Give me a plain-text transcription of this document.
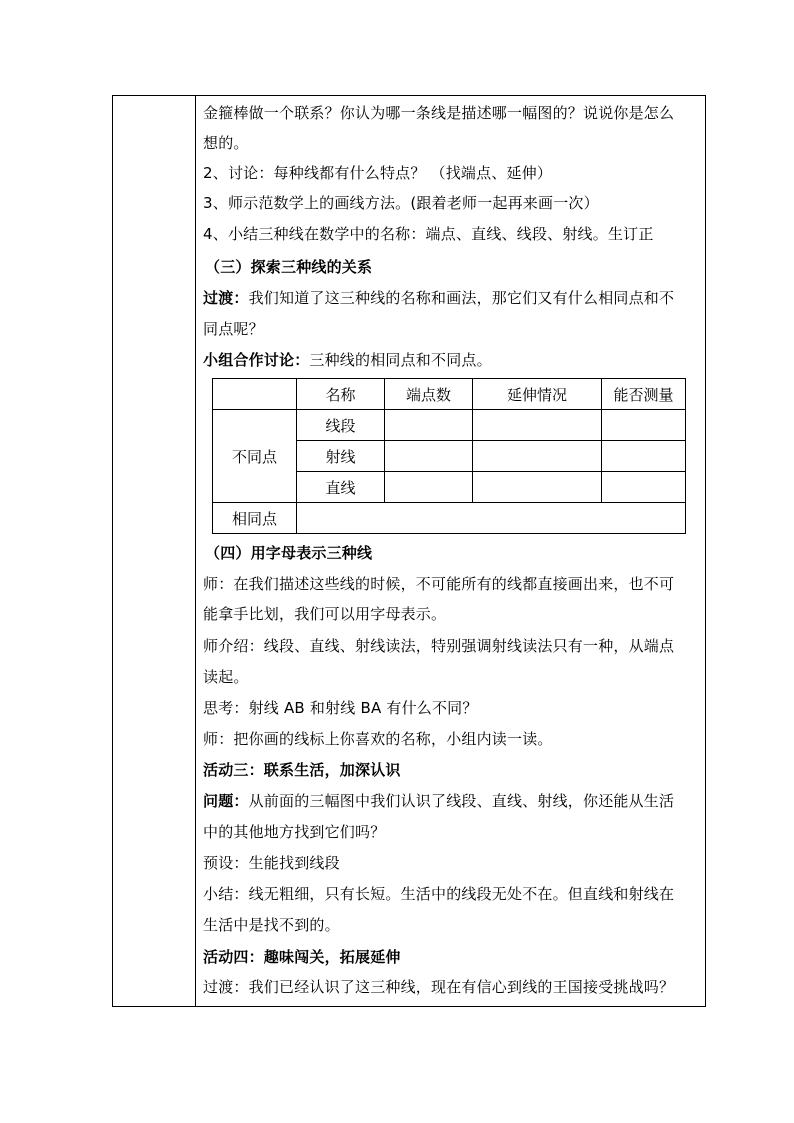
金箍棒做一个联系？你认为哪一条线是描述哪一幅图的？说说你是怎么
想的。
2、讨论：每种线都有什么特点？ （找端点、延伸）
3、师示范数学上的画线方法。(跟着老师一起再来画一次）
4、小结三种线在数学中的名称：端点、直线、线段、射线。生订正
（三）探索三种线的关系
过渡：我们知道了这三种线的名称和画法，那它们又有什么相同点和不
同点呢？
小组合作讨论：三种线的相同点和不同点。
	名称	端点数	延伸情况	能否测量
不同点	线段			
	射线			
	直线			
相同点				
（四）用字母表示三种线
师：在我们描述这些线的时候，不可能所有的线都直接画出来，也不可
能拿手比划，我们可以用字母表示。
师介绍：线段、直线、射线读法，特别强调射线读法只有一种，从端点
读起。
思考：射线 AB 和射线 BA 有什么不同？
师：把你画的线标上你喜欢的名称，小组内读一读。
活动三：联系生活，加深认识
问题：从前面的三幅图中我们认识了线段、直线、射线，你还能从生活
中的其他地方找到它们吗？
预设：生能找到线段
小结：线无粗细，只有长短。生活中的线段无处不在。但直线和射线在
生活中是找不到的。
活动四：趣味闯关，拓展延伸
过渡：我们已经认识了这三种线，现在有信心到线的王国接受挑战吗？
